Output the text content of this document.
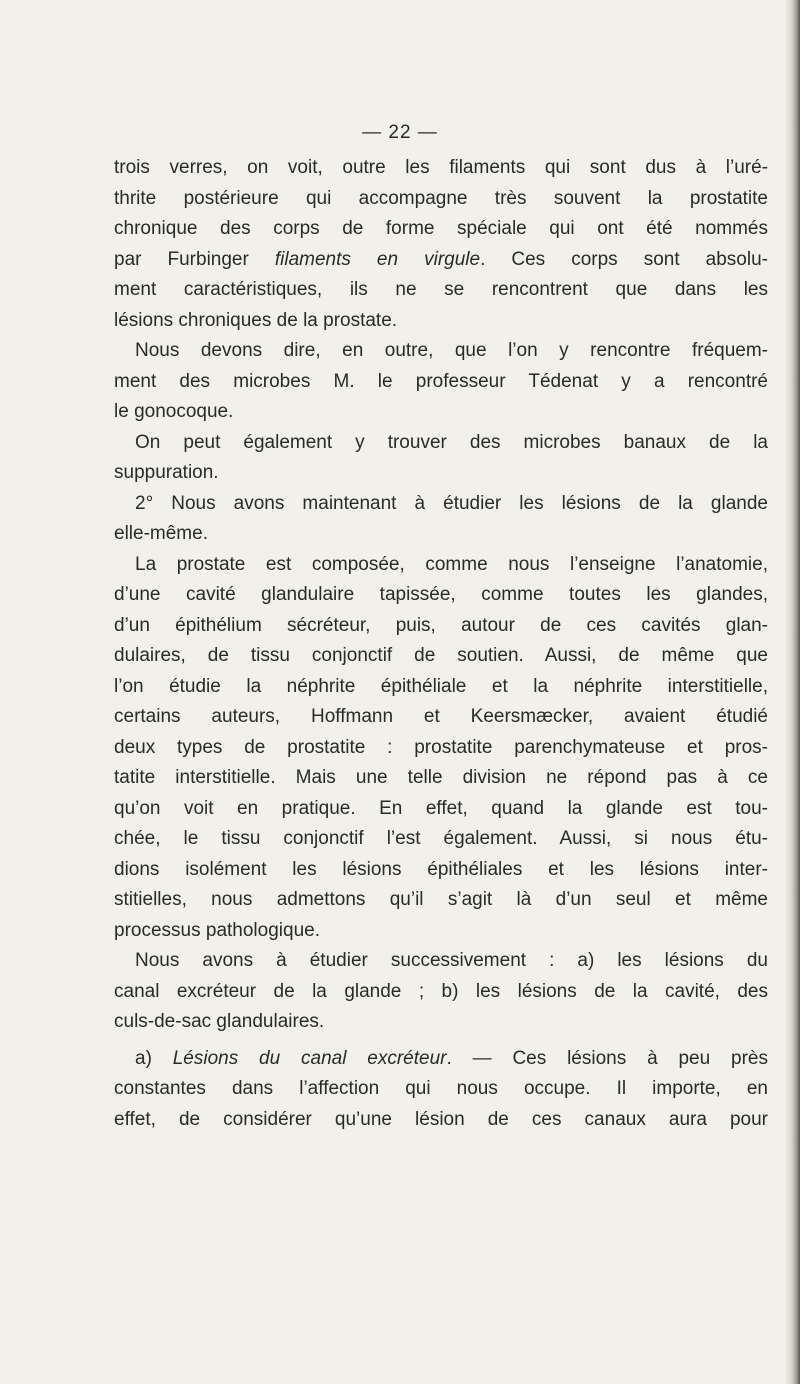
— 22 —
trois verres, on voit, outre les filaments qui sont dus à l’uré-
thrite postérieure qui accompagne très souvent la prostatite
chronique des corps de forme spéciale qui ont été nommés
par Furbinger filaments en virgule. Ces corps sont absolu-
ment caractéristiques, ils ne se rencontrent que dans les
lésions chroniques de la prostate.
Nous devons dire, en outre, que l’on y rencontre fréquem-
ment des microbes M. le professeur Tédenat y a rencontré
le gonocoque.
On peut également y trouver des microbes banaux de la
suppuration.
2° Nous avons maintenant à étudier les lésions de la glande
elle-même.
La prostate est composée, comme nous l’enseigne l’anatomie,
d’une cavité glandulaire tapissée, comme toutes les glandes,
d’un épithélium sécréteur, puis, autour de ces cavités glan-
dulaires, de tissu conjonctif de soutien. Aussi, de même que
l’on étudie la néphrite épithéliale et la néphrite interstitielle,
certains auteurs, Hoffmann et Keersmæcker, avaient étudié
deux types de prostatite : prostatite parenchymateuse et pros-
tatite interstitielle. Mais une telle division ne répond pas à ce
qu’on voit en pratique. En effet, quand la glande est tou-
chée, le tissu conjonctif l’est également. Aussi, si nous étu-
dions isolément les lésions épithéliales et les lésions inter-
stitielles, nous admettons qu’il s’agit là d’un seul et même
processus pathologique.
Nous avons à étudier successivement : a) les lésions du
canal excréteur de la glande ; b) les lésions de la cavité, des
culs-de-sac glandulaires.
a) Lésions du canal excréteur. — Ces lésions à peu près
constantes dans l’affection qui nous occupe. Il importe, en
effet, de considérer qu’une lésion de ces canaux aura pour
